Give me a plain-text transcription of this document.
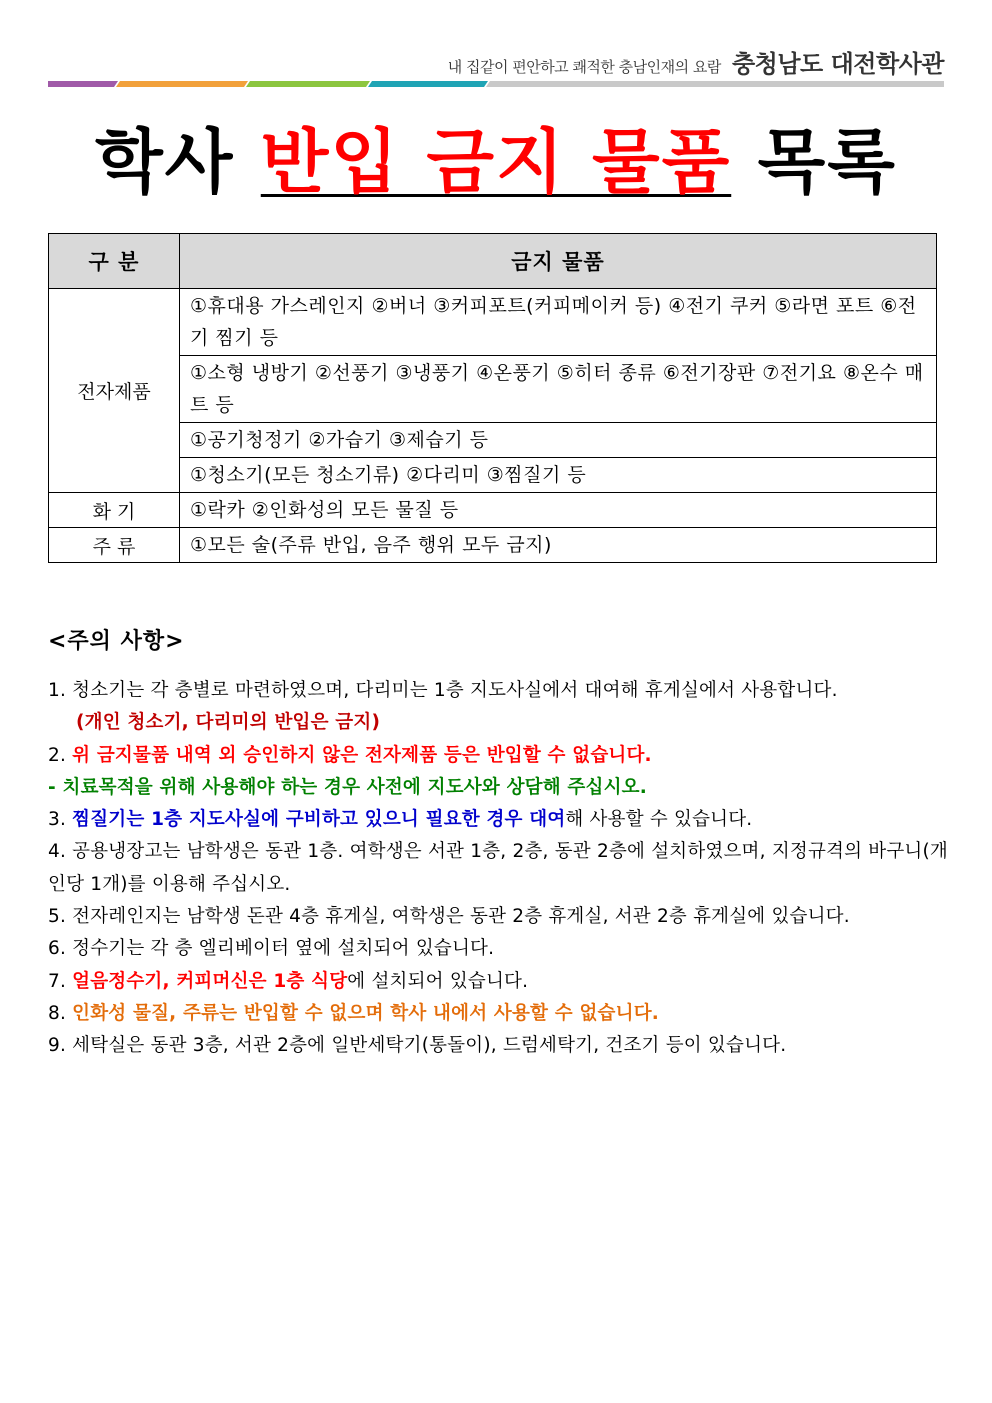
내 집같이 편안하고 쾌적한 충남인재의 요람 충청남도 대전학사관
학사 반입 금지 물품 목록
구 분	금지 물품
전자제품	①휴대용 가스레인지 ②버너 ③커피포트(커피메이커 등) ④전기 쿠커 ⑤라면 포트 ⑥전기 찜기 등
	①소형 냉방기 ②선풍기 ③냉풍기 ④온풍기 ⑤히터 종류 ⑥전기장판 ⑦전기요 ⑧온수 매트 등
	①공기청정기 ②가습기 ③제습기 등
	①청소기(모든 청소기류) ②다리미 ③찜질기 등
화 기	①락카 ②인화성의 모든 물질 등
주 류	①모든 술(주류 반입, 음주 행위 모두 금지)
<주의 사항>

1. 청소기는 각 층별로 마련하였으며, 다리미는 1층 지도사실에서 대여해 휴게실에서 사용합니다.

(개인 청소기, 다리미의 반입은 금지)

2. 위 금지물품 내역 외 승인하지 않은 전자제품 등은 반입할 수 없습니다.

- 치료목적을 위해 사용해야 하는 경우 사전에 지도사와 상담해 주십시오.

3. 찜질기는 1층 지도사실에 구비하고 있으니 필요한 경우 대여해 사용할 수 있습니다.

4. 공용냉장고는 남학생은 동관 1층. 여학생은 서관 1층, 2층, 동관 2층에 설치하였으며, 지정규격의 바구니(개인당 1개)를 이용해 주십시오.

5. 전자레인지는 남학생 돈관 4층 휴게실, 여학생은 동관 2층 휴게실, 서관 2층 휴게실에 있습니다.

6. 정수기는 각 층 엘리베이터 옆에 설치되어 있습니다.

7. 얼음정수기, 커피머신은 1층 식당에 설치되어 있습니다.

8. 인화성 물질, 주류는 반입할 수 없으며 학사 내에서 사용할 수 없습니다.

9. 세탁실은 동관 3층, 서관 2층에 일반세탁기(통돌이), 드럼세탁기, 건조기 등이 있습니다.
